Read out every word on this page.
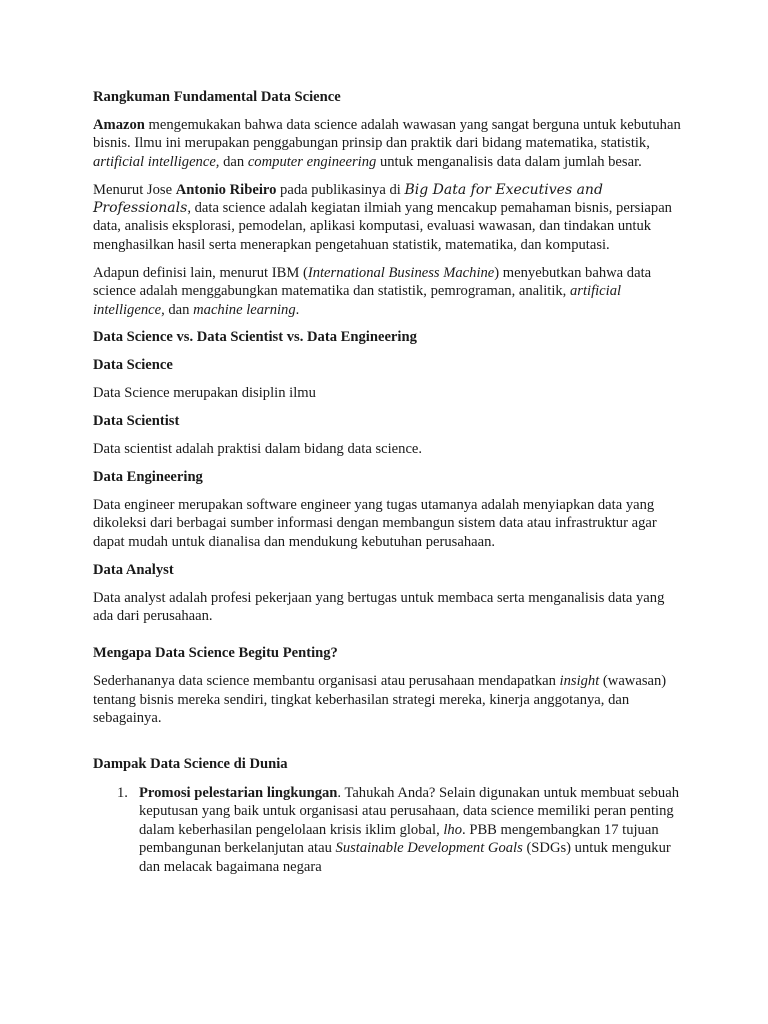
Rangkuman Fundamental Data Science

Amazon mengemukakan bahwa data science adalah wawasan yang sangat berguna untuk kebutuhan bisnis. Ilmu ini merupakan penggabungan prinsip dan praktik dari bidang matematika, statistik, artificial intelligence, dan computer engineering untuk menganalisis data dalam jumlah besar.

Menurut Jose Antonio Ribeiro pada publikasinya di Big Data for Executives and Professionals, data science adalah kegiatan ilmiah yang mencakup pemahaman bisnis, persiapan data, analisis eksplorasi, pemodelan, aplikasi komputasi, evaluasi wawasan, dan tindakan untuk menghasilkan hasil serta menerapkan pengetahuan statistik, matematika, dan komputasi.

Adapun definisi lain, menurut IBM (International Business Machine) menyebutkan bahwa data science adalah menggabungkan matematika dan statistik, pemrograman, analitik, artificial intelligence, dan machine learning.

Data Science vs. Data Scientist vs. Data Engineering

Data Science

Data Science merupakan disiplin ilmu

Data Scientist

Data scientist adalah praktisi dalam bidang data science.

Data Engineering

Data engineer merupakan software engineer yang tugas utamanya adalah menyiapkan data yang dikoleksi dari berbagai sumber informasi dengan membangun sistem data atau infrastruktur agar dapat mudah untuk dianalisa dan mendukung kebutuhan perusahaan.

Data Analyst

Data analyst adalah profesi pekerjaan yang bertugas untuk membaca serta menganalisis data yang ada dari perusahaan.

Mengapa Data Science Begitu Penting?

Sederhananya data science membantu organisasi atau perusahaan mendapatkan insight (wawasan) tentang bisnis mereka sendiri, tingkat keberhasilan strategi mereka, kinerja anggotanya, dan sebagainya.

Dampak Data Science di Dunia

1. Promosi pelestarian lingkungan. Tahukah Anda? Selain digunakan untuk membuat sebuah keputusan yang baik untuk organisasi atau perusahaan, data science memiliki peran penting dalam keberhasilan pengelolaan krisis iklim global, lho. PBB mengembangkan 17 tujuan pembangunan berkelanjutan atau Sustainable Development Goals (SDGs) untuk mengukur dan melacak bagaimana negara
